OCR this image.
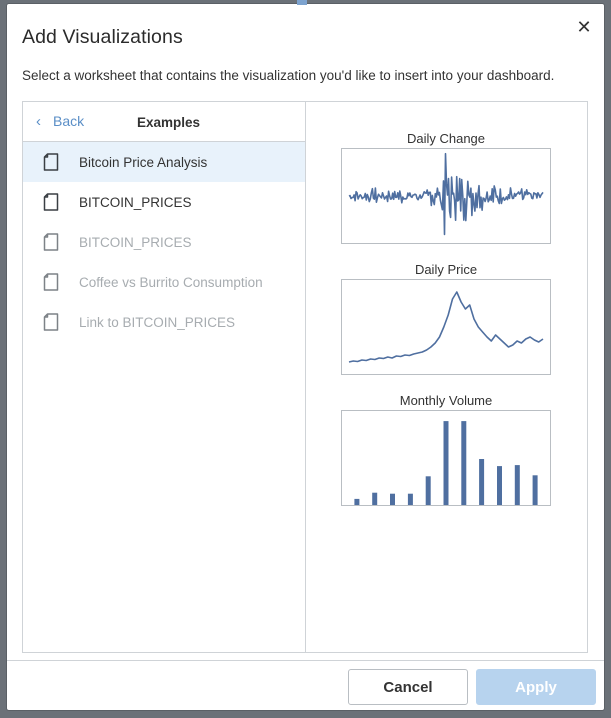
Add Visualizations	✕
Select a worksheet that contains the visualization you'd like to insert into your dashboard.
‹ Back	Examples
Bitcoin Price Analysis
BITCOIN_PRICES
BITCOIN_PRICES
Coffee vs Burrito Consumption
Link to BITCOIN_PRICES
Daily Change
Daily Price
Monthly Volume
Cancel	Apply
